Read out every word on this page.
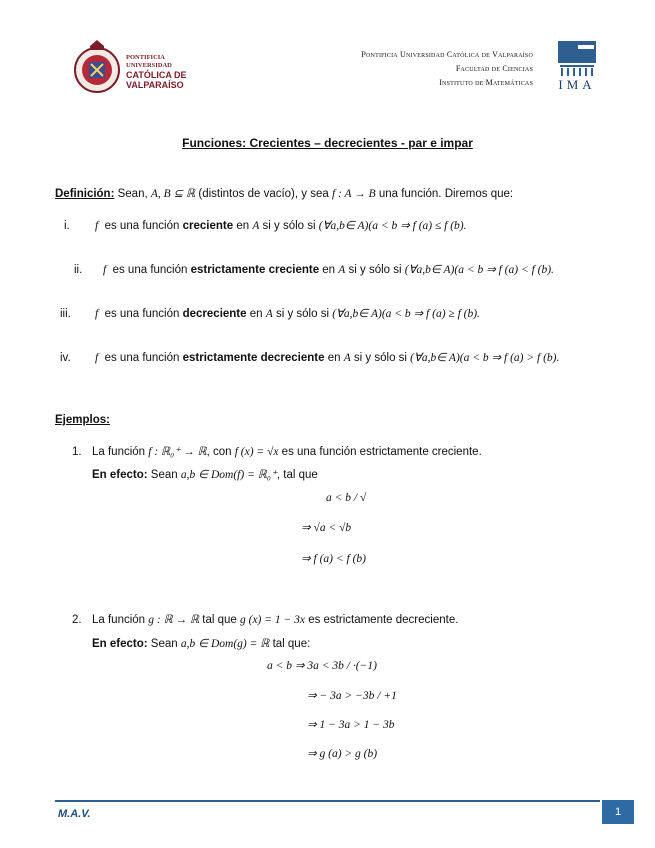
PONTIFICIA
UNIVERSIDAD
CATÓLICA DE
VALPARAÍSO
Pontificia Universidad Católica de Valparaíso
Facultad de Ciencias
Instituto de Matemáticas IMA
Funciones: Crecientes – decrecientes - par e impar
Definición: Sean, A, B ⊆ ℝ (distintos de vacío), y sea f : A → B una función. Diremos que:
i. f es una función creciente en A si y sólo si (∀a,b∈ A)(a < b ⇒ f (a) ≤ f (b).
ii. f es una función estrictamente creciente en A si y sólo si (∀a,b∈ A)(a < b ⇒ f (a) < f (b).
iii. f es una función decreciente en A si y sólo si (∀a,b∈ A)(a < b ⇒ f (a) ≥ f (b).
iv. f es una función estrictamente decreciente en A si y sólo si (∀a,b∈ A)(a < b ⇒ f (a) > f (b).
Ejemplos:
1. La función f : ℝ₀⁺ → ℝ, con f (x) = √x es una función estrictamente creciente.
En efecto: Sean a,b ∈ Dom(f) = ℝ₀⁺, tal que
a < b / √
⇒ √a < √b
⇒ f (a) < f (b)
2. La función g : ℝ → ℝ tal que g (x) = 1 − 3x es estrictamente decreciente.
En efecto: Sean a,b ∈ Dom(g) = ℝ tal que:
a < b ⇒ 3a < 3b / ·(−1)
⇒ − 3a > −3b / +1
⇒ 1 − 3a > 1 − 3b
⇒ g (a) > g (b)
M.A.V.	1
